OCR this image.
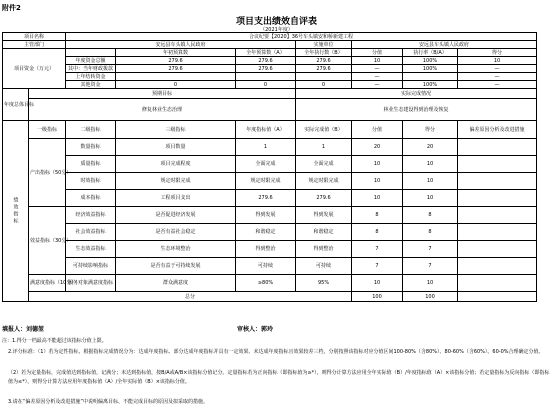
附件2
项目支出绩效自评表
（2021年度）
项目名称		合议纪要【2020】36号车头镇安和桥新建工程						
主管部门		安远县车头镇人民政府			实施单位	安远县车头镇人民政府		
项目资金（万元）			年初预算数	全年预算数（A）	全年执行数（B）	分值	执行率（B/A）	得分
		年度资金总额	279.6	279.6	279.6	10	100%	10
		其中：当年财政拨款	279.6	279.6	279.6	—	100%	—
		上年结转资金				—		—
		其他资金	0	0	0	—	100%	—
年度总体目标	预期目标				实际完成情况			
	修复林业生态治理				林业生态建设得到治理及恢复			
绩效指标	一级指标	二级指标	三级指标	年度指标值（A）	实际完成值（B）	分值	得分	偏差原因分析及改进措施
	产出指标（50分）	数量指标	项目数量	1	1	20	20	
		质量指标	项目完成程度	全面完成	全面完成	10	10	
		时效指标	规定时限完成	规定时限完成	规定时限完成	10	10	
		成本指标	工程项目支出	279.6	279.6	10	10	
	效益指标（30分）	经济效益指标	是否促进经济发展	得到发展	得到发展	8	8	
		社会效益指标	是否有益社会稳定	和谐稳定	和谐稳定	8	8	
		生态效益指标	生态环境整治	得到整治	得到整治	7	7	
		可持续影响指标	是否有益于可持续发展	可持续	可持续	7	7	
	满意度指标（10分）	服务对象满意度指标	群众满意度	≥80%	95%	10	10	
	总分					100	100	
填报人：刘德堃	审核人：郭玲
注：1.得分一档最高不能超过该指标分值上限。
2.评分标准：（1）若为定性指标，根据指标完成情况分为：达成年度指标、部分达成年度指标并具有一定效果、未达成年度指标且效果较差三档，分别按照该指标对应分值区间100-80%（含80%）、80-60%（含60%）、60-0%合理确定分值。
（2）若为定量指标，完成值达到指标值，记满分；未达到指标值，按B/A或A/B×该指标分值记分。定量指标若为正向指标（即指标值为≥*），则得分计算方法应用全年实际值（B）/年度指标值（A）×该指标分值；若定量指标为反向指标（即指标值为≤*），则得分计算方法应用年度指标值（A）/全年实际值（B）×该指标分值。
3.请在“偏差原因分析及改进措施”中说明偏离目标、不能完成目标的原因及拟采取的措施。
